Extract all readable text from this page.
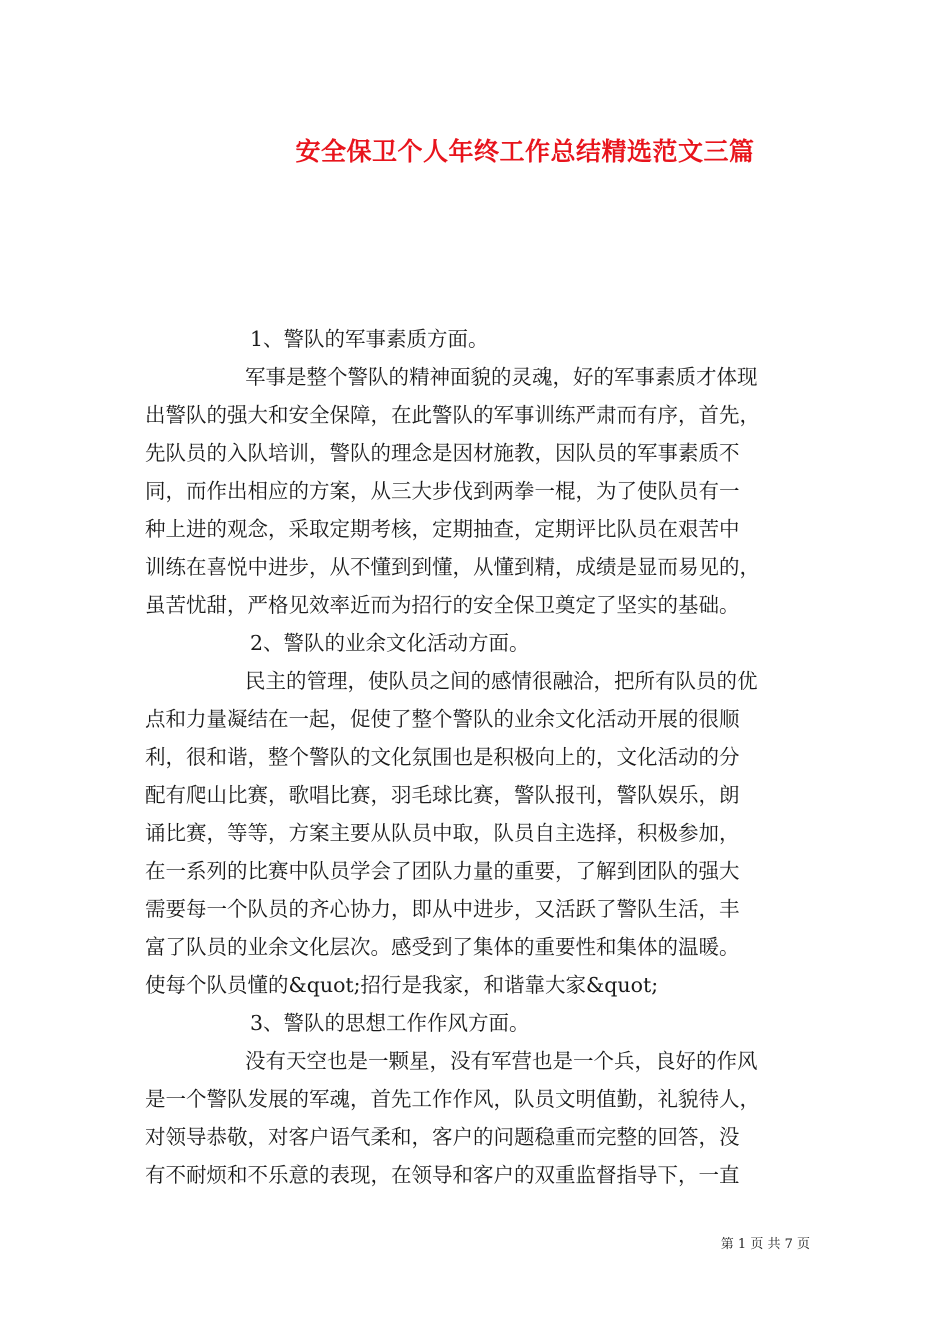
安全保卫个人年终工作总结精选范文三篇
1、警队的军事素质方面。
军事是整个警队的精神面貌的灵魂，好的军事素质才体现
出警队的强大和安全保障，在此警队的军事训练严肃而有序，首先，
先队员的入队培训，警队的理念是因材施教，因队员的军事素质不
同，而作出相应的方案，从三大步伐到两拳一棍，为了使队员有一
种上进的观念，采取定期考核，定期抽查，定期评比队员在艰苦中
训练在喜悦中进步，从不懂到到懂，从懂到精，成绩是显而易见的，
虽苦忧甜，严格见效率近而为招行的安全保卫奠定了坚实的基础。
2、警队的业余文化活动方面。
民主的管理，使队员之间的感情很融洽，把所有队员的优
点和力量凝结在一起，促使了整个警队的业余文化活动开展的很顺
利，很和谐，整个警队的文化氛围也是积极向上的，文化活动的分
配有爬山比赛，歌唱比赛，羽毛球比赛，警队报刊，警队娱乐，朗
诵比赛，等等，方案主要从队员中取，队员自主选择，积极参加，
在一系列的比赛中队员学会了团队力量的重要，了解到团队的强大
需要每一个队员的齐心协力，即从中进步，又活跃了警队生活，丰
富了队员的业余文化层次。感受到了集体的重要性和集体的温暖。
使每个队员懂的&quot;招行是我家，和谐靠大家&quot;
3、警队的思想工作作风方面。
没有天空也是一颗星，没有军营也是一个兵，良好的作风
是一个警队发展的军魂，首先工作作风，队员文明值勤，礼貌待人，
对领导恭敬，对客户语气柔和，客户的问题稳重而完整的回答，没
有不耐烦和不乐意的表现，在领导和客户的双重监督指导下，一直
第 1 页 共 7 页
